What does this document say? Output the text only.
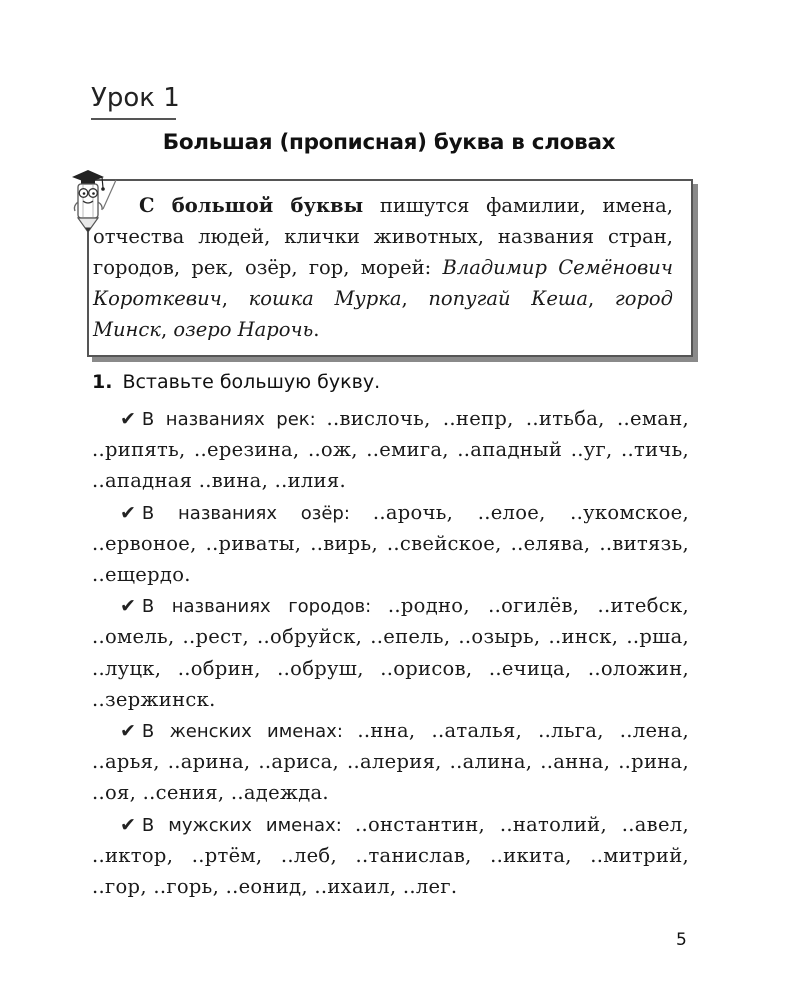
Урок 1
Большая (прописная) буква в словах
С большой буквы пишутся фамилии, имена, отчества людей, клички животных, названия стран, городов, рек, озёр, гор, морей: Владимир Семёнович Короткевич, кошка Мурка, попугай Кеша, город Минск, озеро Нарочь.
1. Вставьте большую букву.

✔ В названиях рек: ..вислочь, ..непр, ..итьба, ..еман, ..рипять, ..ерезина, ..ож, ..емига, ..ападный ..уг, ..тичь, ..ападная ..вина, ..илия.

✔ В названиях озёр: ..арочь, ..елое, ..укомское, ..ервоное, ..риваты, ..вирь, ..свейское, ..елява, ..витязь, ..ещердо.

✔ В названиях городов: ..родно, ..огилёв, ..итебск, ..омель, ..рест, ..обруйск, ..епель, ..озырь, ..инск, ..рша, ..луцк, ..обрин, ..обруш, ..орисов, ..ечица, ..оложин, ..зержинск.

✔ В женских именах: ..нна, ..аталья, ..льга, ..лена, ..арья, ..арина, ..ариса, ..алерия, ..алина, ..анна, ..рина, ..оя, ..сения, ..адежда.

✔ В мужских именах: ..онстантин, ..натолий, ..авел, ..иктор, ..ртём, ..леб, ..танислав, ..икита, ..митрий, ..гор, ..горь, ..еонид, ..ихаил, ..лег.

5
